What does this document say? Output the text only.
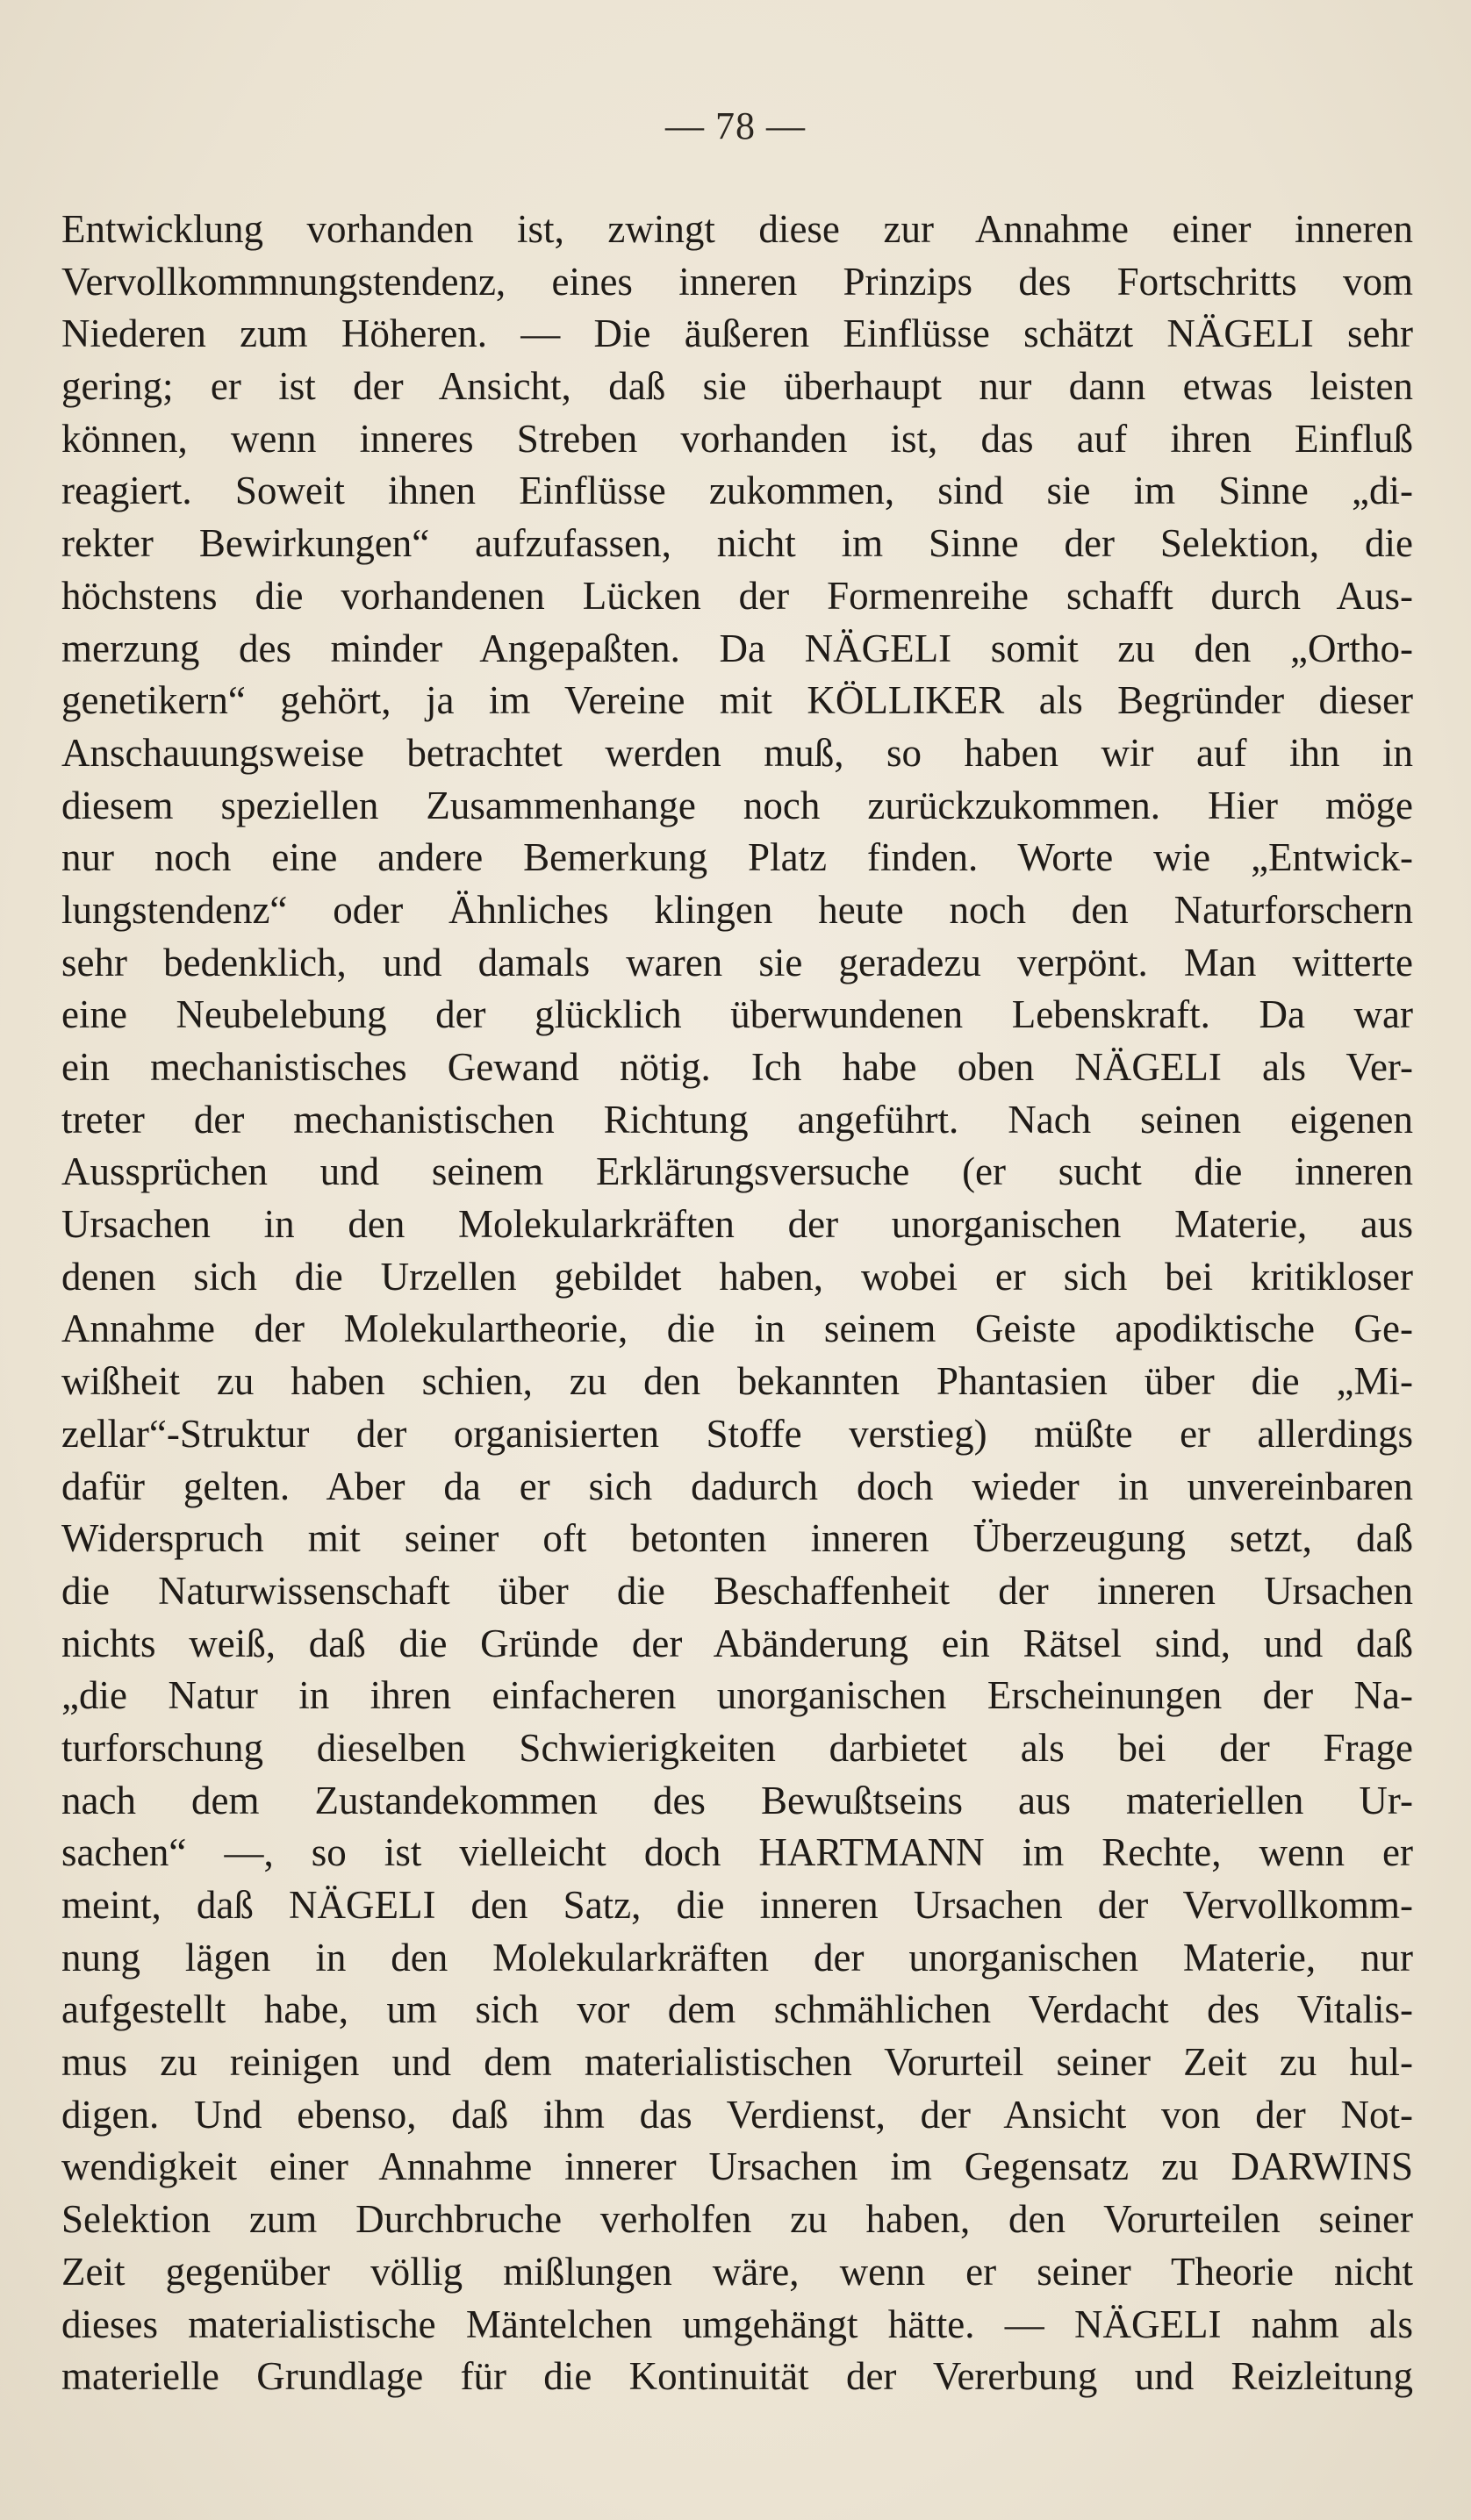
— 78 —
Entwicklung vorhanden ist, zwingt diese zur Annahme einer inneren
Vervollkommnungstendenz, eines inneren Prinzips des Fortschritts vom
Niederen zum Höheren. — Die äußeren Einflüsse schätzt NÄGELI sehr
gering; er ist der Ansicht, daß sie überhaupt nur dann etwas leisten
können, wenn inneres Streben vorhanden ist, das auf ihren Einfluß
reagiert. Soweit ihnen Einflüsse zukommen, sind sie im Sinne „di-
rekter Bewirkungen“ aufzufassen, nicht im Sinne der Selektion, die
höchstens die vorhandenen Lücken der Formenreihe schafft durch Aus-
merzung des minder Angepaßten. Da NÄGELI somit zu den „Ortho-
genetikern“ gehört, ja im Vereine mit KÖLLIKER als Begründer dieser
Anschauungsweise betrachtet werden muß, so haben wir auf ihn in
diesem speziellen Zusammenhange noch zurückzukommen. Hier möge
nur noch eine andere Bemerkung Platz finden. Worte wie „Entwick-
lungstendenz“ oder Ähnliches klingen heute noch den Naturforschern
sehr bedenklich, und damals waren sie geradezu verpönt. Man witterte
eine Neubelebung der glücklich überwundenen Lebenskraft. Da war
ein mechanistisches Gewand nötig. Ich habe oben NÄGELI als Ver-
treter der mechanistischen Richtung angeführt. Nach seinen eigenen
Aussprüchen und seinem Erklärungsversuche (er sucht die inneren
Ursachen in den Molekularkräften der unorganischen Materie, aus
denen sich die Urzellen gebildet haben, wobei er sich bei kritikloser
Annahme der Molekulartheorie, die in seinem Geiste apodiktische Ge-
wißheit zu haben schien, zu den bekannten Phantasien über die „Mi-
zellar“-Struktur der organisierten Stoffe verstieg) müßte er allerdings
dafür gelten. Aber da er sich dadurch doch wieder in unvereinbaren
Widerspruch mit seiner oft betonten inneren Überzeugung setzt, daß
die Naturwissenschaft über die Beschaffenheit der inneren Ursachen
nichts weiß, daß die Gründe der Abänderung ein Rätsel sind, und daß
„die Natur in ihren einfacheren unorganischen Erscheinungen der Na-
turforschung dieselben Schwierigkeiten darbietet als bei der Frage
nach dem Zustandekommen des Bewußtseins aus materiellen Ur-
sachen“ —, so ist vielleicht doch HARTMANN im Rechte, wenn er
meint, daß NÄGELI den Satz, die inneren Ursachen der Vervollkomm-
nung lägen in den Molekularkräften der unorganischen Materie, nur
aufgestellt habe, um sich vor dem schmählichen Verdacht des Vitalis-
mus zu reinigen und dem materialistischen Vorurteil seiner Zeit zu hul-
digen. Und ebenso, daß ihm das Verdienst, der Ansicht von der Not-
wendigkeit einer Annahme innerer Ursachen im Gegensatz zu DARWINS
Selektion zum Durchbruche verholfen zu haben, den Vorurteilen seiner
Zeit gegenüber völlig mißlungen wäre, wenn er seiner Theorie nicht
dieses materialistische Mäntelchen umgehängt hätte. — NÄGELI nahm als
materielle Grundlage für die Kontinuität der Vererbung und Reizleitung
